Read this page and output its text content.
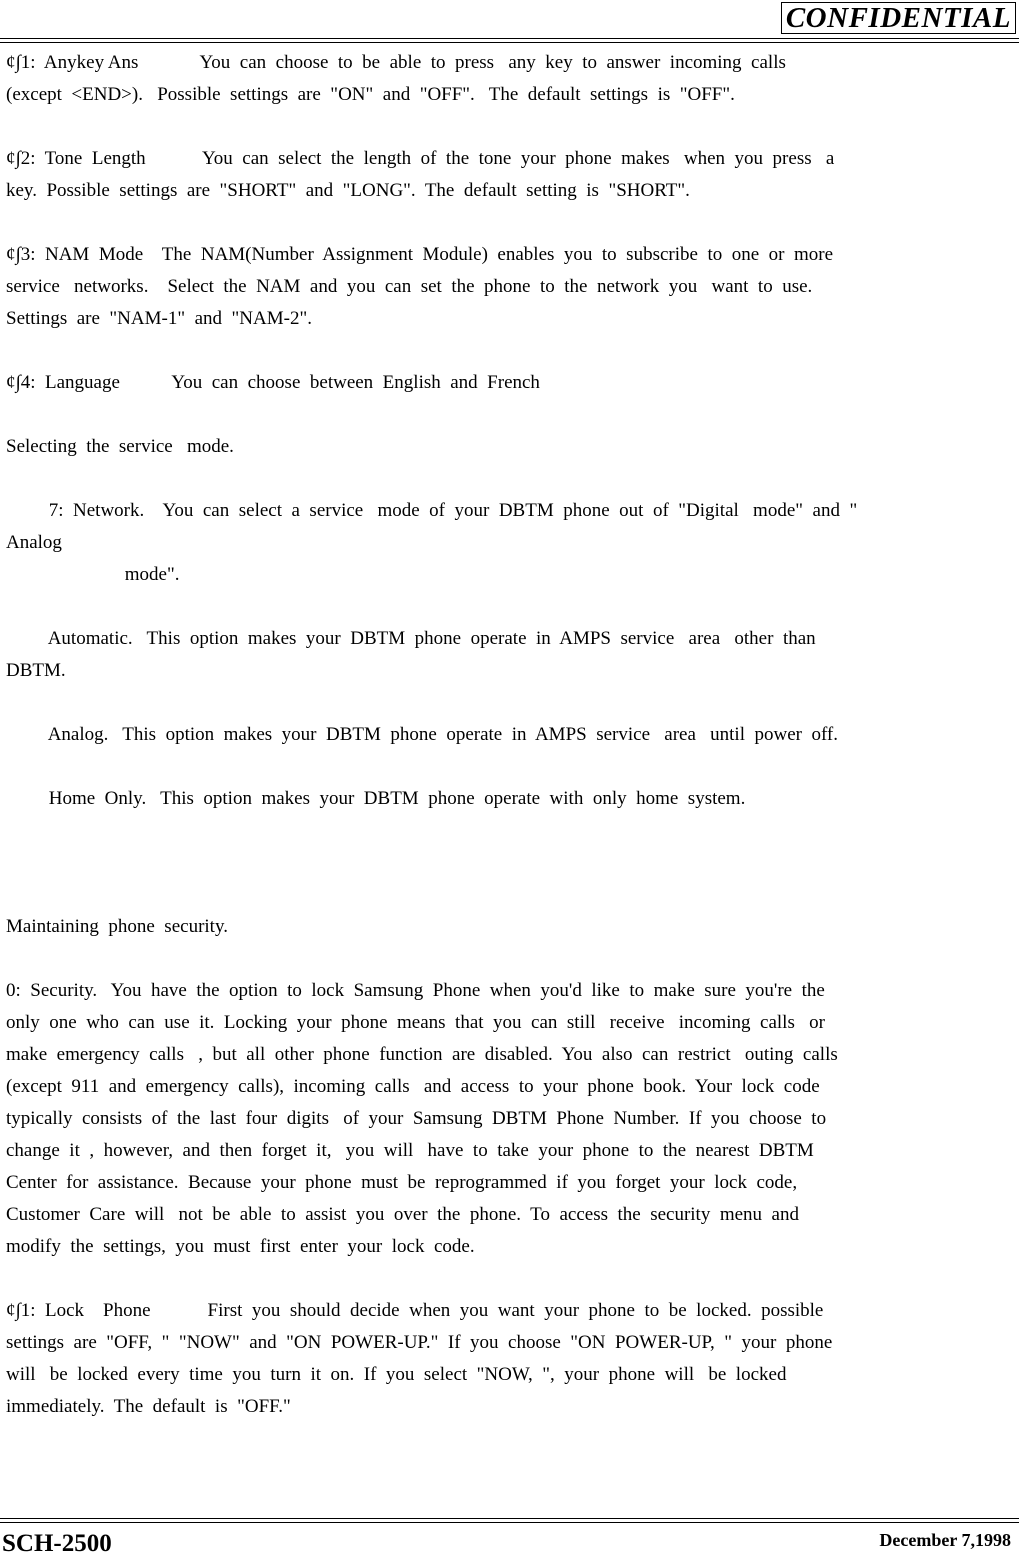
CONFIDENTIAL
¢∫1:  Anykey Ans             You  can  choose  to  be  able  to  press   any  key  to  answer  incoming  calls
(except  <END>).   Possible  settings  are  "ON"  and  "OFF".   The  default  settings  is  "OFF".
¢∫2:  Tone  Length            You  can  select  the  length  of  the  tone  your  phone  makes   when  you  press   a
key.  Possible  settings  are  "SHORT"  and  "LONG".  The  default  setting  is  "SHORT".
¢∫3:  NAM  Mode    The  NAM(Number  Assignment  Module)  enables  you  to  subscribe  to  one  or  more
service   networks.    Select  the  NAM  and  you  can  set  the  phone  to  the  network  you   want  to  use.
Settings  are  "NAM-1"  and  "NAM-2".
¢∫4:  Language           You  can  choose  between  English  and  French
Selecting  the  service   mode.
7:  Network.    You  can  select  a  service   mode  of  your  DBTM  phone  out  of  "Digital   mode"  and  "
Analog
mode".
Automatic.   This  option  makes  your  DBTM  phone  operate  in  AMPS  service   area   other  than
DBTM.
Analog.   This  option  makes  your  DBTM  phone  operate  in  AMPS  service   area   until  power  off.
Home  Only.   This  option  makes  your  DBTM  phone  operate  with  only  home  system.
Maintaining  phone  security.
0:  Security.   You  have  the  option  to  lock  Samsung  Phone  when  you'd  like  to  make  sure  you're  the
only  one  who  can  use  it.  Locking  your  phone  means  that  you  can  still   receive   incoming  calls   or
make  emergency  calls   ,  but  all  other  phone  function  are  disabled.  You  also  can  restrict   outing  calls
(except  911  and  emergency  calls),  incoming  calls   and  access  to  your  phone  book.  Your  lock  code
typically  consists  of  the  last  four  digits   of  your  Samsung  DBTM  Phone  Number.  If  you  choose  to
change  it  ,  however,  and  then  forget  it,   you  will   have  to  take  your  phone  to  the  nearest  DBTM
Center  for  assistance.  Because  your  phone  must  be  reprogrammed  if  you  forget  your  lock  code,
Customer  Care  will   not  be  able  to  assist  you  over  the  phone.  To  access  the  security  menu  and
modify  the  settings,  you  must  first  enter  your  lock  code.
¢∫1:  Lock    Phone            First  you  should  decide  when  you  want  your  phone  to  be  locked.  possible
settings  are  "OFF,  "  "NOW"  and  "ON  POWER-UP."  If  you  choose  "ON  POWER-UP,  "  your  phone
will   be  locked  every  time  you  turn  it  on.  If  you  select  "NOW,  ",  your  phone  will   be  locked
immediately.  The  default  is  "OFF."
SCH-2500	December 7,1998
